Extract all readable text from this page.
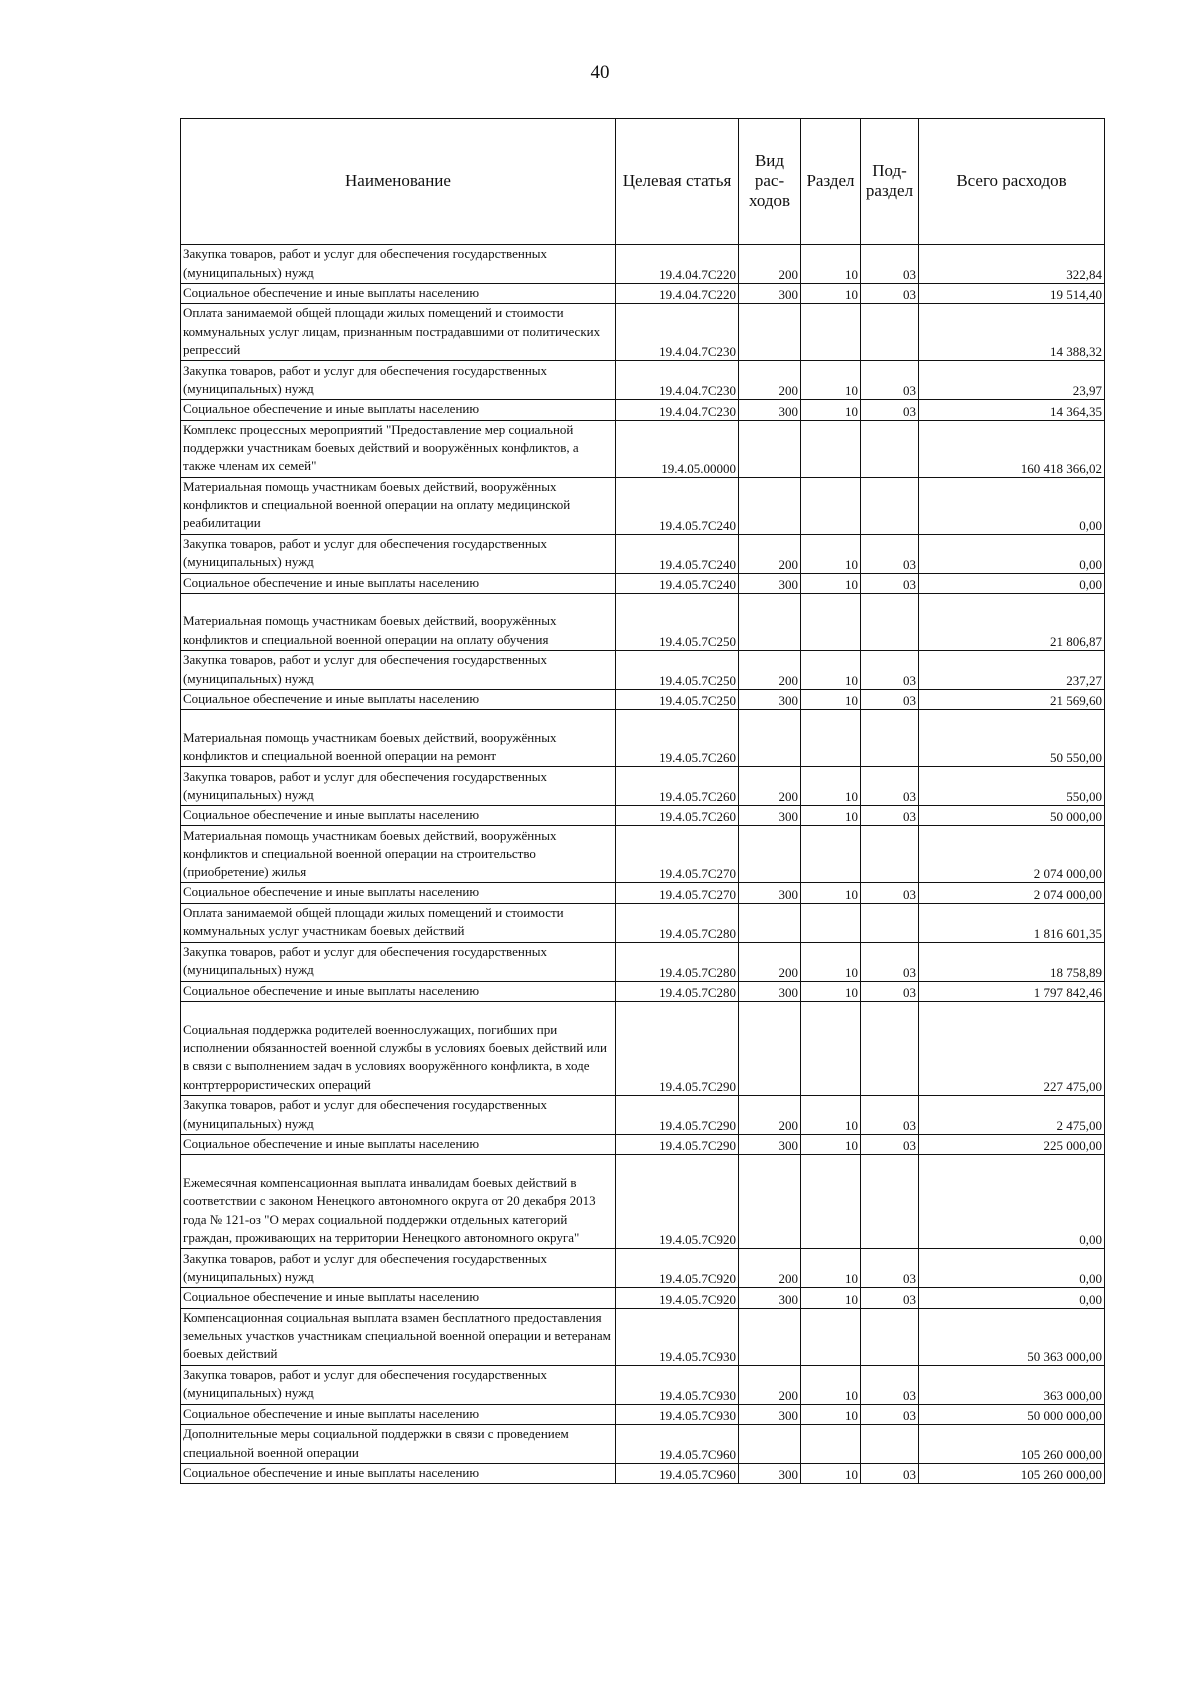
40
Наименование	Целевая статья	Вид рас-ходов	Раздел	Под-раздел	Всего расходов
Закупка товаров, работ и услуг для обеспечения государственных (муниципальных) нужд	19.4.04.7С220	200	10	03	322,84
Социальное обеспечение и иные выплаты населению	19.4.04.7С220	300	10	03	19 514,40
Оплата занимаемой общей площади жилых помещений и стоимости коммунальных услуг лицам, признанным пострадавшими от политических репрессий	19.4.04.7С230				14 388,32
Закупка товаров, работ и услуг для обеспечения государственных (муниципальных) нужд	19.4.04.7С230	200	10	03	23,97
Социальное обеспечение и иные выплаты населению	19.4.04.7С230	300	10	03	14 364,35
Комплекс процессных мероприятий "Предоставление мер социальной поддержки участникам боевых действий и вооружённых конфликтов, а также членам их семей"	19.4.05.00000				160 418 366,02
Материальная помощь участникам боевых действий, вооружённых конфликтов и специальной военной операции на оплату медицинской реабилитации	19.4.05.7С240				0,00
Закупка товаров, работ и услуг для обеспечения государственных (муниципальных) нужд	19.4.05.7С240	200	10	03	0,00
Социальное обеспечение и иные выплаты населению	19.4.05.7С240	300	10	03	0,00
Материальная помощь участникам боевых действий, вооружённых конфликтов и специальной военной операции на оплату обучения	19.4.05.7С250				21 806,87
Закупка товаров, работ и услуг для обеспечения государственных (муниципальных) нужд	19.4.05.7С250	200	10	03	237,27
Социальное обеспечение и иные выплаты населению	19.4.05.7С250	300	10	03	21 569,60
Материальная помощь участникам боевых действий, вооружённых конфликтов и специальной военной операции на ремонт	19.4.05.7С260				50 550,00
Закупка товаров, работ и услуг для обеспечения государственных (муниципальных) нужд	19.4.05.7С260	200	10	03	550,00
Социальное обеспечение и иные выплаты населению	19.4.05.7С260	300	10	03	50 000,00
Материальная помощь участникам боевых действий, вооружённых конфликтов и специальной военной операции на строительство (приобретение) жилья	19.4.05.7С270				2 074 000,00
Социальное обеспечение и иные выплаты населению	19.4.05.7С270	300	10	03	2 074 000,00
Оплата занимаемой общей площади жилых помещений и стоимости коммунальных услуг участникам боевых действий	19.4.05.7С280				1 816 601,35
Закупка товаров, работ и услуг для обеспечения государственных (муниципальных) нужд	19.4.05.7С280	200	10	03	18 758,89
Социальное обеспечение и иные выплаты населению	19.4.05.7С280	300	10	03	1 797 842,46
Социальная поддержка родителей военнослужащих, погибших при исполнении обязанностей военной службы в условиях боевых действий или в связи с выполнением задач в условиях вооружённого конфликта, в ходе контртеррористических операций	19.4.05.7С290				227 475,00
Закупка товаров, работ и услуг для обеспечения государственных (муниципальных) нужд	19.4.05.7С290	200	10	03	2 475,00
Социальное обеспечение и иные выплаты населению	19.4.05.7С290	300	10	03	225 000,00
Ежемесячная компенсационная выплата инвалидам боевых действий в соответствии с законом Ненецкого автономного округа от 20 декабря 2013 года № 121-оз "О мерах социальной поддержки отдельных категорий граждан, проживающих на территории Ненецкого автономного округа"	19.4.05.7С920				0,00
Закупка товаров, работ и услуг для обеспечения государственных (муниципальных) нужд	19.4.05.7С920	200	10	03	0,00
Социальное обеспечение и иные выплаты населению	19.4.05.7С920	300	10	03	0,00
Компенсационная социальная выплата взамен бесплатного предоставления земельных участков участникам специальной военной операции и ветеранам боевых действий	19.4.05.7С930				50 363 000,00
Закупка товаров, работ и услуг для обеспечения государственных (муниципальных) нужд	19.4.05.7С930	200	10	03	363 000,00
Социальное обеспечение и иные выплаты населению	19.4.05.7С930	300	10	03	50 000 000,00
Дополнительные меры социальной поддержки в связи с проведением специальной военной операции	19.4.05.7С960				105 260 000,00
Социальное обеспечение и иные выплаты населению	19.4.05.7С960	300	10	03	105 260 000,00
